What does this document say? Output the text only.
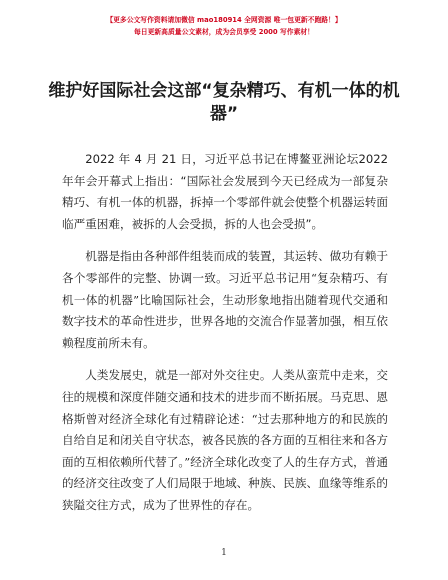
【更多公文写作资料请加微信 mao180914 全网资源 唯一包更新不跑路！】
每日更新高质量公文素材，成为会员享受 2000 写作素材！
维护好国际社会这部“复杂精巧、有机一体的机器”

2022 年 4 月 21 日，习近平总书记在博鳌亚洲论坛2022 年年会开幕式上指出：“国际社会发展到今天已经成为一部复杂精巧、有机一体的机器，拆掉一个零部件就会使整个机器运转面临严重困难，被拆的人会受损，拆的人也会受损”。

机器是指由各种部件组装而成的装置，其运转、做功有赖于各个零部件的完整、协调一致。习近平总书记用“复杂精巧、有机一体的机器”比喻国际社会，生动形象地指出随着现代交通和数字技术的革命性进步，世界各地的交流合作显著加强，相互依赖程度前所未有。

人类发展史，就是一部对外交往史。人类从蛮荒中走来，交往的规模和深度伴随交通和技术的进步而不断拓展。马克思、恩格斯曾对经济全球化有过精辟论述：“过去那种地方的和民族的自给自足和闭关自守状态，被各民族的各方面的互相往来和各方面的互相依赖所代替了。”经济全球化改变了人的生存方式，普通的经济交往改变了人们局限于地域、种族、民族、血缘等维系的狭隘交往方式，成为了世界性的存在。

1
